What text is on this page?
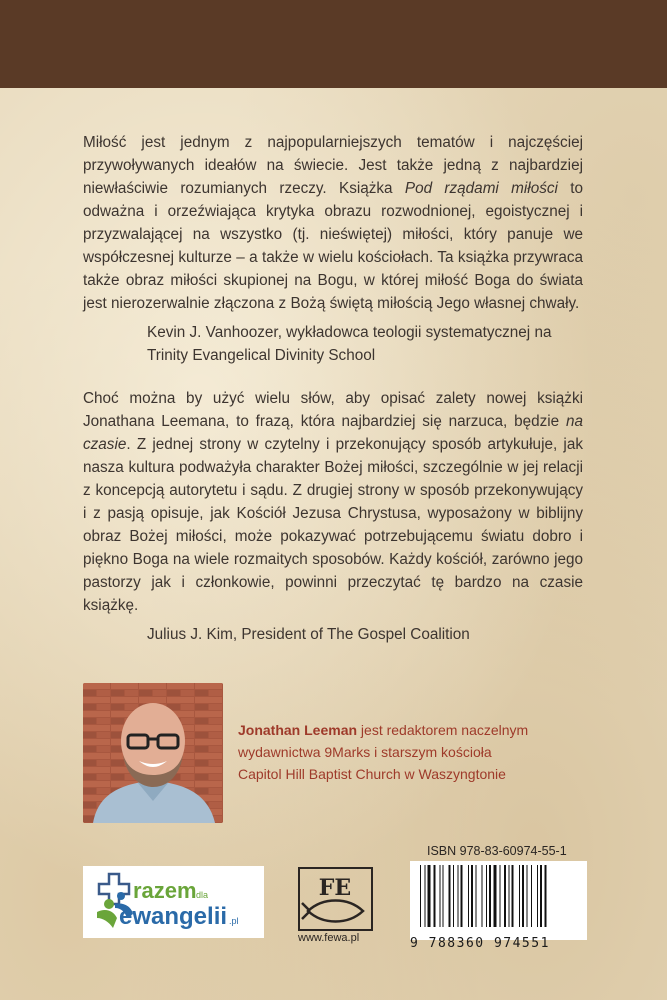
Miłość jest jednym z najpopularniejszych tematów i najczęściej przywoływanych ideałów na świecie. Jest także jedną z najbardziej niewłaściwie rozumianych rzeczy. Książka Pod rządami miłości to odważna i orzeźwiająca krytyka obrazu rozwodnionej, egoistycznej i przyzwalającej na wszystko (tj. nieświętej) miłości, który panuje we współczesnej kulturze – a także w wielu kościołach. Ta książka przywraca także obraz miłości skupionej na Bogu, w której miłość Boga do świata jest nierozerwalnie złączona z Bożą świętą miłością Jego własnej chwały.
Kevin J. Vanhoozer, wykładowca teologii systematycznej na Trinity Evangelical Divinity School
Choć można by użyć wielu słów, aby opisać zalety nowej książki Jonathana Leemana, to frazą, która najbardziej się narzuca, będzie na czasie. Z jednej strony w czytelny i przekonujący sposób artykułuje, jak nasza kultura podważyła charakter Bożej miłości, szczególnie w jej relacji z koncepcją autorytetu i sądu. Z drugiej strony w sposób przekonywujący i z pasją opisuje, jak Kościół Jezusa Chrystusa, wyposażony w biblijny obraz Bożej miłości, może pokazywać potrzebującemu światu dobro i piękno Boga na wiele rozmaitych sposobów. Każdy kościół, zarówno jego pastorzy jak i członkowie, powinni przeczytać tę bardzo na czasie książkę.
Julius J. Kim, President of The Gospel Coalition
Jonathan Leeman jest redaktorem naczelnym wydawnictwa 9Marks i starszym kościoła Capitol Hill Baptist Church w Waszyngtonie
razem dla
ewangelii .pl
FE
www.fewa.pl
ISBN 978-83-60974-55-1
9 788360 974551
